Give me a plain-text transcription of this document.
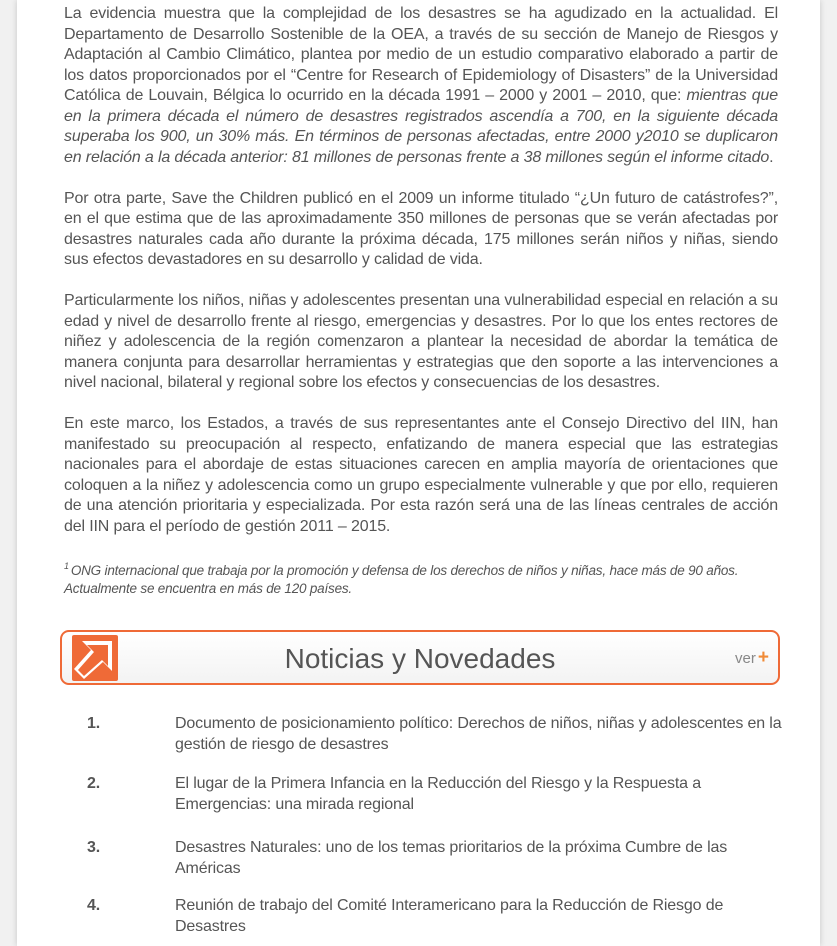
La evidencia muestra que la complejidad de los desastres se ha agudizado en la actualidad. El Departamento de Desarrollo Sostenible de la OEA, a través de su sección de Manejo de Riesgos y Adaptación al Cambio Climático, plantea por medio de un estudio comparativo elaborado a partir de los datos proporcionados por el “Centre for Research of Epidemiology of Disasters” de la Universidad Católica de Louvain, Bélgica lo ocurrido en la década 1991 – 2000 y 2001 – 2010, que: mientras que en la primera década el número de desastres registrados ascendía a 700, en la siguiente década superaba los 900, un 30% más. En términos de personas afectadas, entre 2000 y2010 se duplicaron en relación a la década anterior: 81 millones de personas frente a 38 millones según el informe citado.

Por otra parte, Save the Children publicó en el 2009 un informe titulado “¿Un futuro de catástrofes?”, en el que estima que de las aproximadamente 350 millones de personas que se verán afectadas por desastres naturales cada año durante la próxima década, 175 millones serán niños y niñas, siendo sus efectos devastadores en su desarrollo y calidad de vida.

Particularmente los niños, niñas y adolescentes presentan una vulnerabilidad especial en relación a su edad y nivel de desarrollo frente al riesgo, emergencias y desastres. Por lo que los entes rectores de niñez y adolescencia de la región comenzaron a plantear la necesidad de abordar la temática de manera conjunta para desarrollar herramientas y estrategias que den soporte a las intervenciones a nivel nacional, bilateral y regional sobre los efectos y consecuencias de los desastres.

En este marco, los Estados, a través de sus representantes ante el Consejo Directivo del IIN, han manifestado su preocupación al respecto, enfatizando de manera especial que las estrategias nacionales para el abordaje de estas situaciones carecen en amplia mayoría de orientaciones que coloquen a la niñez y adolescencia como un grupo especialmente vulnerable y que por ello, requieren de una atención prioritaria y especializada. Por esta razón será una de las líneas centrales de acción del IIN para el período de gestión 2011 – 2015.

$^1$ ONG internacional que trabaja por la promoción y defensa de los derechos de niños y niñas, hace más de 90 años. Actualmente se encuentra en más de 120 países.
Noticias y Novedades	ver +
1.	Documento de posicionamiento político: Derechos de niños, niñas y adolescentes en la gestión de riesgo de desastres
2.	El lugar de la Primera Infancia en la Reducción del Riesgo y la Respuesta a Emergencias: una mirada regional
3.	Desastres Naturales: uno de los temas prioritarios de la próxima Cumbre de las Américas
4.	Reunión de trabajo del Comité Interamericano para la Reducción de Riesgo de Desastres
